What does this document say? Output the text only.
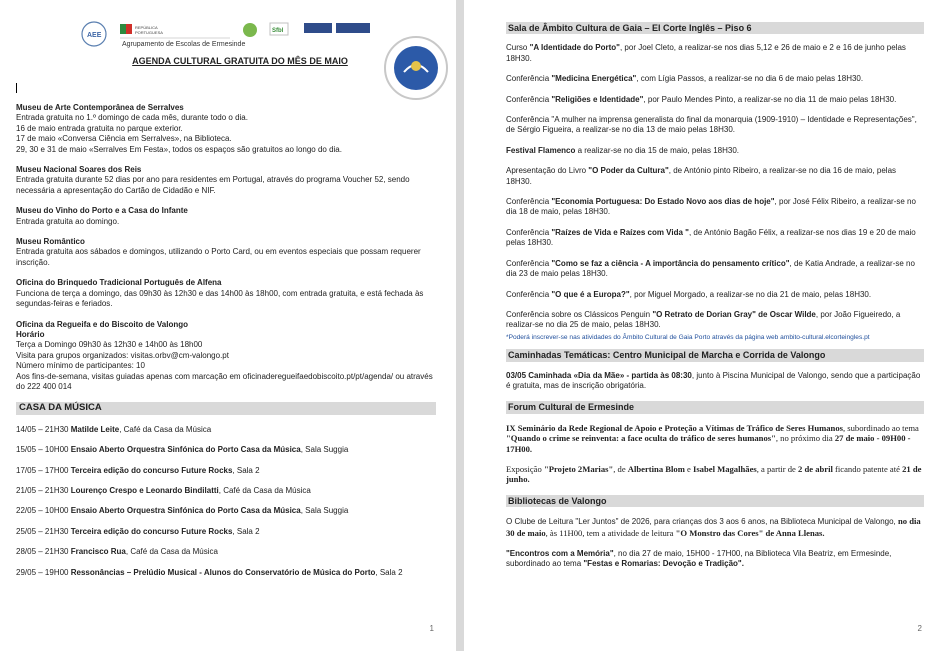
AEE
REPÚBLICA
PORTUGUESA	Sfbl
Agrupamento de Escolas de Ermesinde
AGENDA CULTURAL GRATUITA DO MÊS DE MAIO
Museu de Arte Contemporânea de Serralves
Entrada gratuita no 1.º domingo de cada mês, durante todo o dia.
16 de maio entrada gratuita no parque exterior.
17 de maio «Conversa Ciência em Serralves», na Biblioteca.
29, 30 e 31 de maio «Serralves Em Festa», todos os espaços são gratuitos ao longo do dia.
Museu Nacional Soares dos Reis
Entrada gratuita durante 52 dias por ano para residentes em Portugal, através do programa Voucher 52, sendo necessária a apresentação do Cartão de Cidadão e NIF.
Museu do Vinho do Porto e a Casa do Infante
Entrada gratuita ao domingo.
Museu Romântico
Entrada gratuita aos sábados e domingos, utilizando o Porto Card, ou em eventos especiais que possam requerer inscrição.
Oficina do Brinquedo Tradicional Português de Alfena
Funciona de terça a domingo, das 09h30 às 12h30 e das 14h00 às 18h00, com entrada gratuita, e está fechada às segundas-feiras e feriados.
Oficina da Regueifa e do Biscoito de Valongo
Horário
Terça a Domingo 09h30 às 12h30 e 14h00 às 18h00
Visita para grupos organizados: visitas.orbv@cm-valongo.pt
Número mínimo de participantes: 10
Aos fins-de-semana, visitas guiadas apenas com marcação em oficinaderegueifaedobiscoito.pt/pt/agenda/ ou através do 222 400 014
CASA DA MÚSICA
14/05 – 21H30 Matilde Leite, Café da Casa da Música
15/05 – 10H00 Ensaio Aberto Orquestra Sinfónica do Porto Casa da Música, Sala Suggia
17/05 – 17H00 Terceira edição do concurso Future Rocks, Sala 2
21/05 – 21H30 Lourenço Crespo e Leonardo Bindilatti, Café da Casa da Música
22/05 – 10H00 Ensaio Aberto Orquestra Sinfónica do Porto Casa da Música, Sala Suggia
25/05 – 21H30 Terceira edição do concurso Future Rocks, Sala 2
28/05 – 21H30 Francisco Rua, Café da Casa da Música
29/05 – 19H00 Ressonâncias – Prelúdio Musical - Alunos do Conservatório de Música do Porto, Sala 2
1
Sala de Âmbito Cultura de Gaia – El Corte Inglês – Piso 6
Curso "A Identidade do Porto", por Joel Cleto, a realizar-se nos dias 5,12 e 26 de maio e 2 e 16 de junho pelas 18H30.
Conferência "Medicina Energética", com Lígia Passos, a realizar-se no dia 6 de maio pelas 18H30.
Conferência "Religiões e Identidade", por Paulo Mendes Pinto, a realizar-se no dia 11 de maio pelas 18H30.
Conferência "A mulher na imprensa generalista do final da monarquia (1909-1910) – Identidade e Representações", de Sérgio Figueira, a realizar-se no dia 13 de maio pelas 18H30.
Festival Flamenco a realizar-se no dia 15 de maio, pelas 18H30.
Apresentação do Livro "O Poder da Cultura", de António pinto Ribeiro, a realizar-se no dia 16 de maio, pelas 18H30.
Conferência "Economia Portuguesa: Do Estado Novo aos dias de hoje", por José Félix Ribeiro, a realizar-se no dia 18 de maio, pelas 18H30.
Conferência "Raízes de Vida e Raízes com Vida ", de António Bagão Félix, a realizar-se nos dias 19 e 20 de maio pelas 18H30.
Conferência "Como se faz a ciência - A importância do pensamento crítico", de Katia Andrade, a realizar-se no dia 23 de maio pelas 18H30.
Conferência "O que é a Europa?", por Miguel Morgado, a realizar-se no dia 21 de maio, pelas 18H30.
Conferência sobre os Clássicos Penguin "O Retrato de Dorian Gray" de Oscar Wilde, por João Figueiredo, a realizar-se no dia 25 de maio, pelas 18H30.
*Poderá inscrever-se nas atividades do Âmbito Cultural de Gaia Porto através da página web ambito-cultural.elcorteingles.pt
Caminhadas Temáticas: Centro Municipal de Marcha e Corrida de Valongo
03/05 Caminhada «Dia da Mãe» - partida às 08:30, junto à Piscina Municipal de Valongo, sendo que a participação é gratuita, mas de inscrição obrigatória.
Forum Cultural de Ermesinde
IX Seminário da Rede Regional de Apoio e Proteção a Vítimas de Tráfico de Seres Humanos, subordinado ao tema "Quando o crime se reinventa: a face oculta do tráfico de seres humanos", no próximo dia 27 de maio - 09H00 - 17H00.
Exposição "Projeto 2Marias", de Albertina Blom e Isabel Magalhães, a partir de 2 de abril ficando patente até 21 de junho.
Bibliotecas de Valongo
O Clube de Leitura "Ler Juntos" de 2026, para crianças dos 3 aos 6 anos, na Biblioteca Municipal de Valongo, no dia 30 de maio, às 11H00, tem a atividade de leitura "O Monstro das Cores" de Anna Llenas.
"Encontros com a Memória", no dia 27 de maio, 15H00 - 17H00, na Biblioteca Vila Beatriz, em Ermesinde, subordinado ao tema "Festas e Romarias: Devoção e Tradição".
2
